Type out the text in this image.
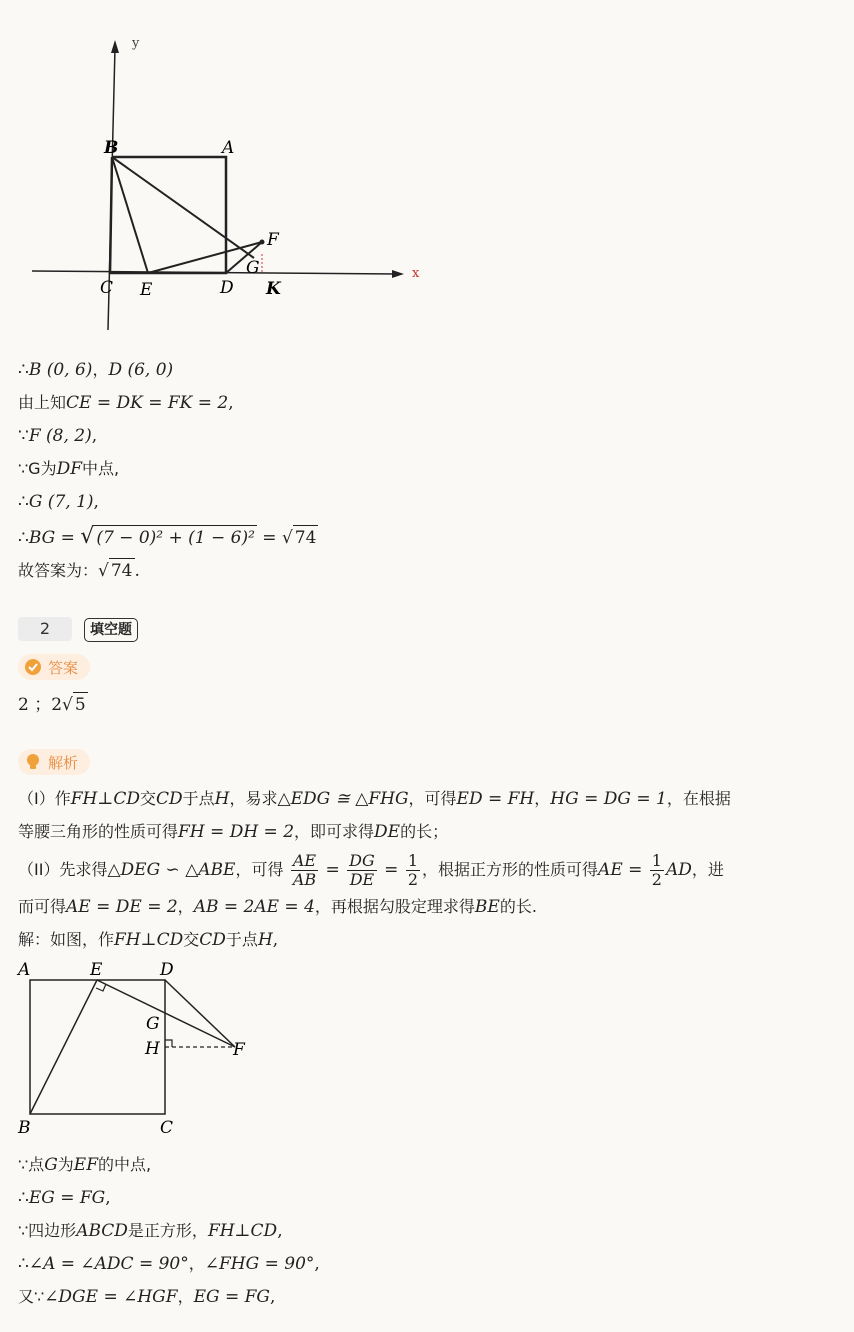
y
x
B	A
F
G
C E	D K
∴B (0, 6)，D (6, 0)
由上知CE = DK = FK = 2,
∵F (8, 2),
∵G为DF中点,
∴G (7, 1),
∴BG = √ (7 − 0)² + (1 − 6)² = √ 74
故答案为：√ 74 .
2	填空题
答案
2 ；2√ 5
解析
（I）作FH⊥CD交CD于点H，易求△EDG ≅ △FHG，可得ED = FH，HG = DG = 1，在根据
等腰三角形的性质可得FH = DH = 2，即可求得DE的长；
（II）先求得△DEG ∽ △ABE，可得 $\frac{AE}{AB} = \frac{DG}{DE} = \frac{1}{2}$ ，根据正方形的性质可得AE = $\frac{1}{2}$ AD，进
而可得AE = DE = 2，AB = 2AE = 4，再根据勾股定理求得BE的长.
解：如图，作FH⊥CD交CD于点H,
A	E	D
G
H	F
B	C
∵点G为EF的中点,
∴EG = FG,
∵四边形ABCD是正方形，FH⊥CD,
∴∠A = ∠ADC = 90°，∠FHG = 90°,
又∵∠DGE = ∠HGF，EG = FG,
